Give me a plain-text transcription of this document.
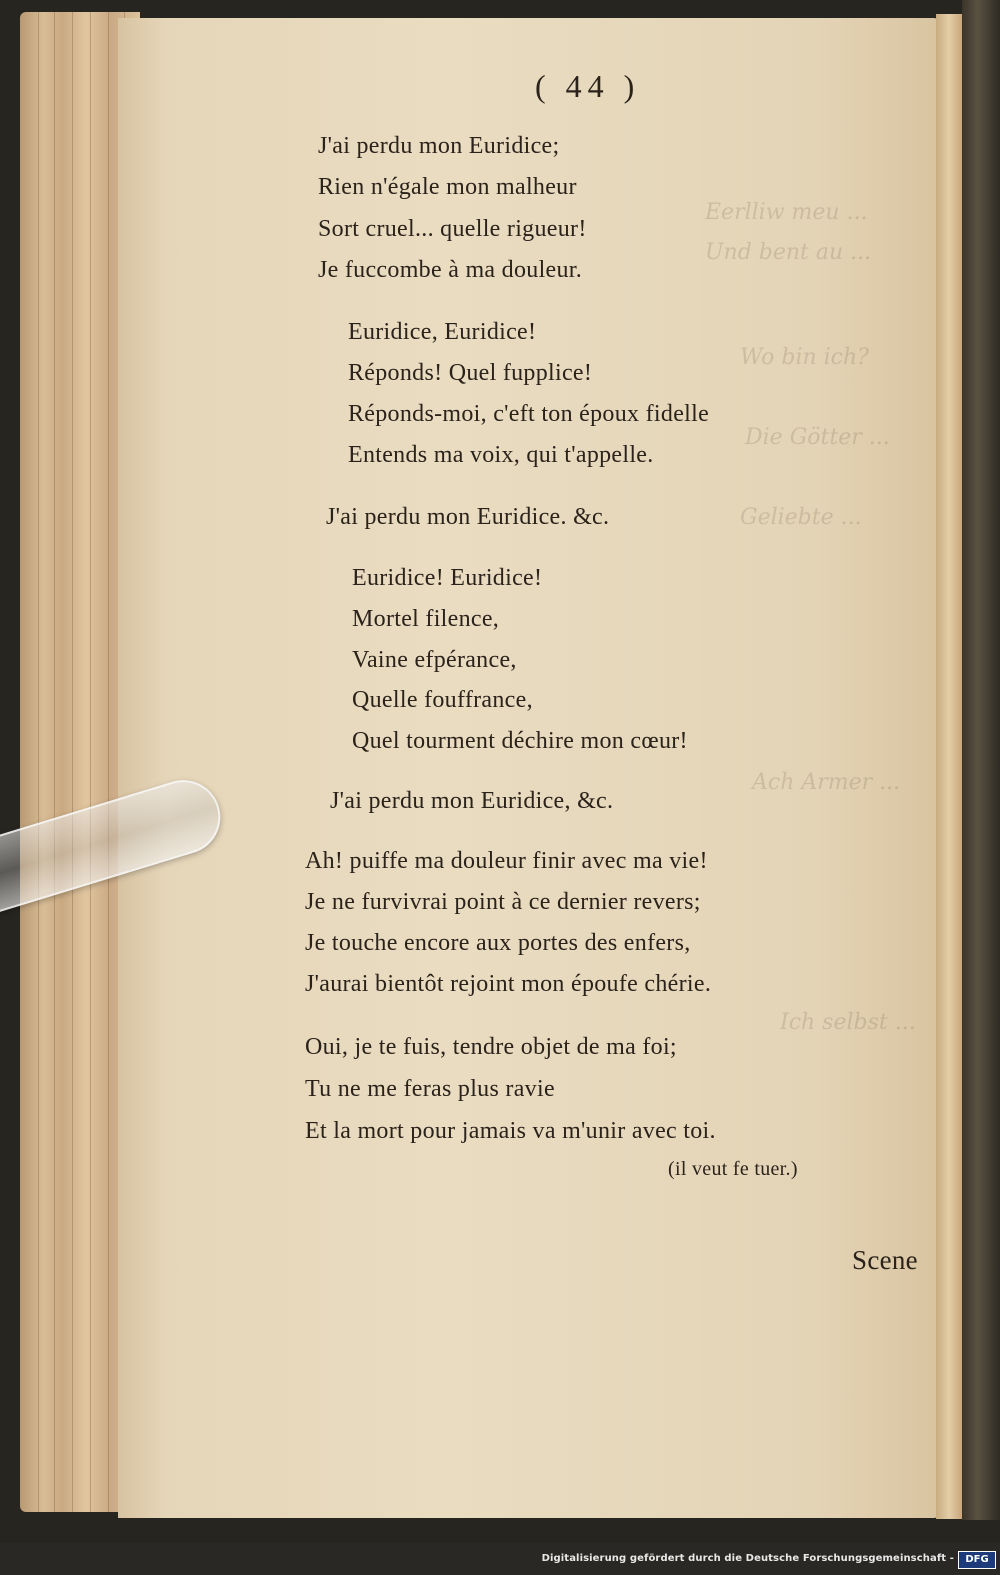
Eerlliw meu ...
Und bent au ...
Wo bin ich?
Die Götter ...
Geliebte ...
Ach Armer ...
Ich selbst ...
( 44 )
J'ai perdu mon Euridice;
Rien n'égale mon malheur
Sort cruel... quelle rigueur!
Je fuccombe à ma douleur.
Euridice, Euridice!
Réponds! Quel fupplice!
Réponds-moi, c'eft ton époux fidelle
Entends ma voix, qui t'appelle.
J'ai perdu mon Euridice. &c.
Euridice! Euridice!
Mortel filence,
Vaine efpérance,
Quelle fouffrance,
Quel tourment déchire mon cœur!
J'ai perdu mon Euridice, &c.
Ah! puiffe ma douleur finir avec ma vie!
Je ne furvivrai point à ce dernier revers;
Je touche encore aux portes des enfers,
J'aurai bientôt rejoint mon époufe chérie.
Oui, je te fuis, tendre objet de ma foi;
Tu ne me feras plus ravie
Et la mort pour jamais va m'unir avec toi.
(il veut fe tuer.)
Scene
Digitalisierung gefördert durch die Deutsche Forschungsgemeinschaft -	DFG
